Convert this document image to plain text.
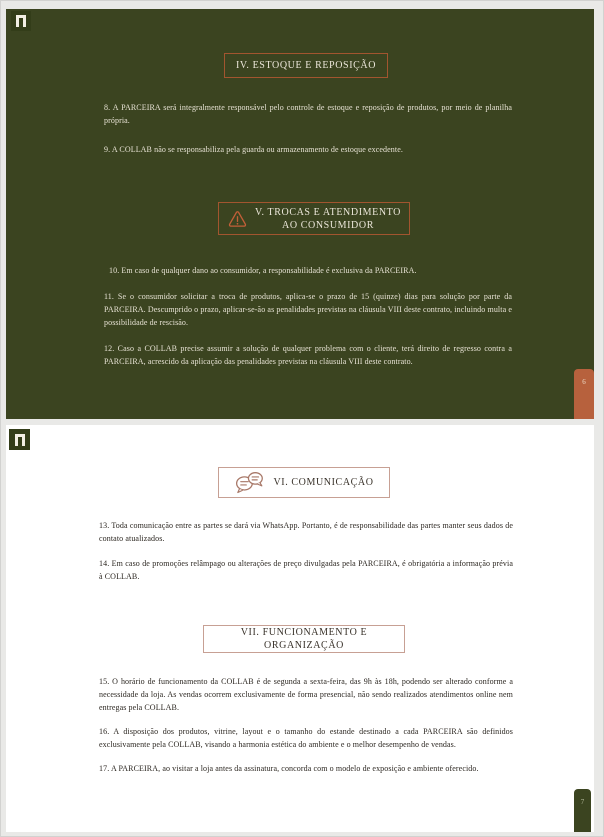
IV. ESTOQUE E REPOSIÇÃO

8. A PARCEIRA será integralmente responsável pelo controle de estoque e reposição de produtos, por meio de planilha própria.

9. A COLLAB não se responsabiliza pela guarda ou armazenamento de estoque excedente.

V. TROCAS E ATENDIMENTO
AO CONSUMIDOR

10. Em caso de qualquer dano ao consumidor, a responsabilidade é exclusiva da PARCEIRA.

11. Se o consumidor solicitar a troca de produtos, aplica-se o prazo de 15 (quinze) dias para solução por parte da PARCEIRA. Descumprido o prazo, aplicar-se-ão as penalidades previstas na cláusula VIII deste contrato, incluindo multa e possibilidade de rescisão.

12. Caso a COLLAB precise assumir a solução de qualquer problema com o cliente, terá direito de regresso contra a PARCEIRA, acrescido da aplicação das penalidades previstas na cláusula VIII deste contrato.

6
VI. COMUNICAÇÃO

13. Toda comunicação entre as partes se dará via WhatsApp. Portanto, é de responsabilidade das partes manter seus dados de contato atualizados.

14. Em caso de promoções relâmpago ou alterações de preço divulgadas pela PARCEIRA, é obrigatória a informação prévia à COLLAB.

VII. FUNCIONAMENTO E ORGANIZAÇÃO

15. O horário de funcionamento da COLLAB é de segunda a sexta-feira, das 9h às 18h, podendo ser alterado conforme a necessidade da loja. As vendas ocorrem exclusivamente de forma presencial, não sendo realizados atendimentos online nem entregas pela COLLAB.

16. A disposição dos produtos, vitrine, layout e o tamanho do estande destinado a cada PARCEIRA são definidos exclusivamente pela COLLAB, visando a harmonia estética do ambiente e o melhor desempenho de vendas.

17. A PARCEIRA, ao visitar a loja antes da assinatura, concorda com o modelo de exposição e ambiente oferecido.

7
